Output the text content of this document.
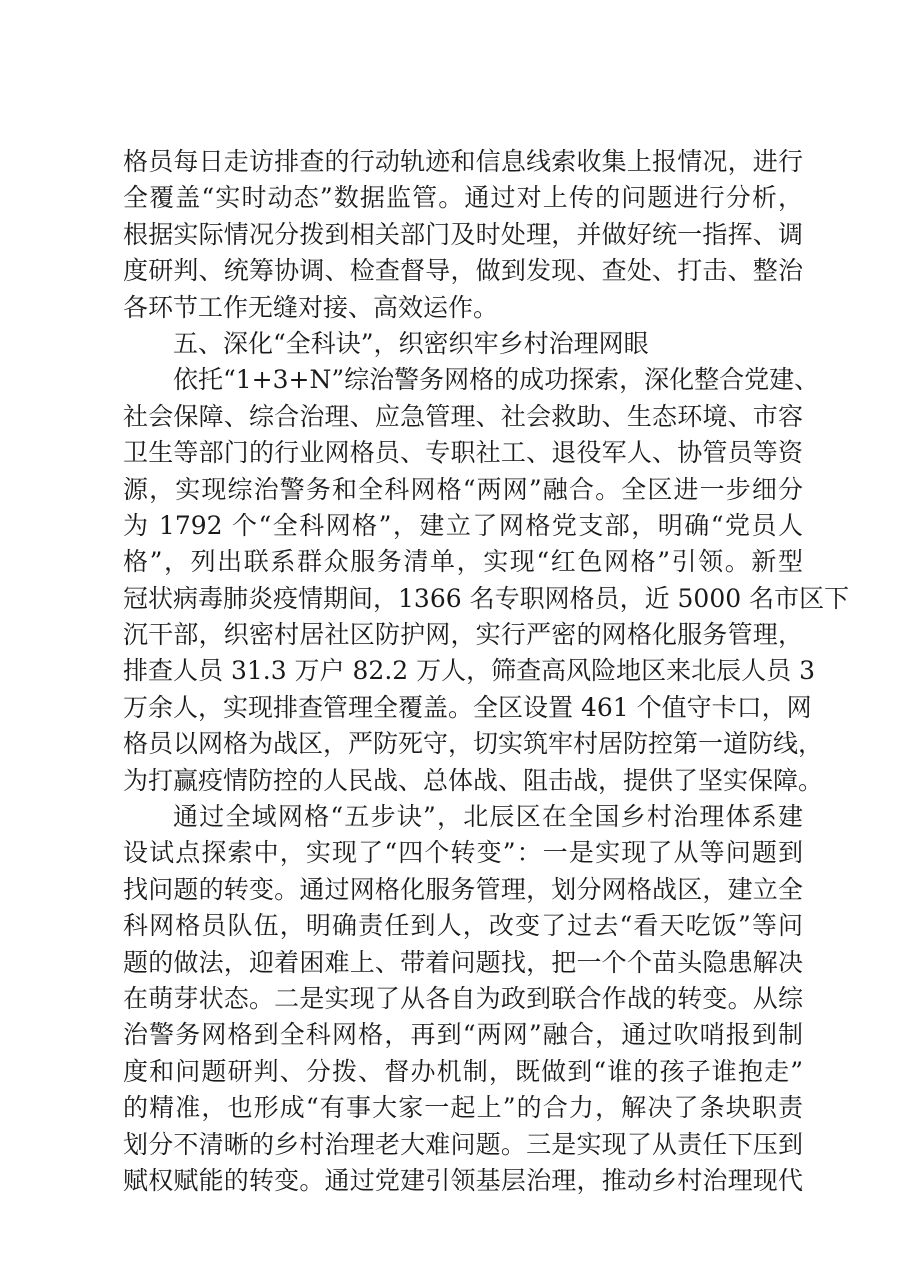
格员每日走访排查的行动轨迹和信息线索收集上报情况，进行
全覆盖“实时动态”数据监管。通过对上传的问题进行分析，
根据实际情况分拨到相关部门及时处理，并做好统一指挥、调
度研判、统筹协调、检查督导，做到发现、查处、打击、整治
各环节工作无缝对接、高效运作。
五、深化“全科诀”，织密织牢乡村治理网眼
依托“1+3+N”综治警务网格的成功探索，深化整合党建、
社会保障、综合治理、应急管理、社会救助、生态环境、市容
卫生等部门的行业网格员、专职社工、退役军人、协管员等资
源，实现综治警务和全科网格“两网”融合。全区进一步细分
为 1792 个“全科网格”，建立了网格党支部，明确“党员人
格”，列出联系群众服务清单，实现“红色网格”引领。新型
冠状病毒肺炎疫情期间，1366 名专职网格员，近 5000 名市区下
沉干部，织密村居社区防护网，实行严密的网格化服务管理，
排查人员 31.3 万户 82.2 万人，筛查高风险地区来北辰人员 3
万余人，实现排查管理全覆盖。全区设置 461 个值守卡口，网
格员以网格为战区，严防死守，切实筑牢村居防控第一道防线，
为打赢疫情防控的人民战、总体战、阻击战，提供了坚实保障。
通过全域网格“五步诀”，北辰区在全国乡村治理体系建
设试点探索中，实现了“四个转变”：一是实现了从等问题到
找问题的转变。通过网格化服务管理，划分网格战区，建立全
科网格员队伍，明确责任到人，改变了过去“看天吃饭”等问
题的做法，迎着困难上、带着问题找，把一个个苗头隐患解决
在萌芽状态。二是实现了从各自为政到联合作战的转变。从综
治警务网格到全科网格，再到“两网”融合，通过吹哨报到制
度和问题研判、分拨、督办机制，既做到“谁的孩子谁抱走”
的精准，也形成“有事大家一起上”的合力，解决了条块职责
划分不清晰的乡村治理老大难问题。三是实现了从责任下压到
赋权赋能的转变。通过党建引领基层治理，推动乡村治理现代
